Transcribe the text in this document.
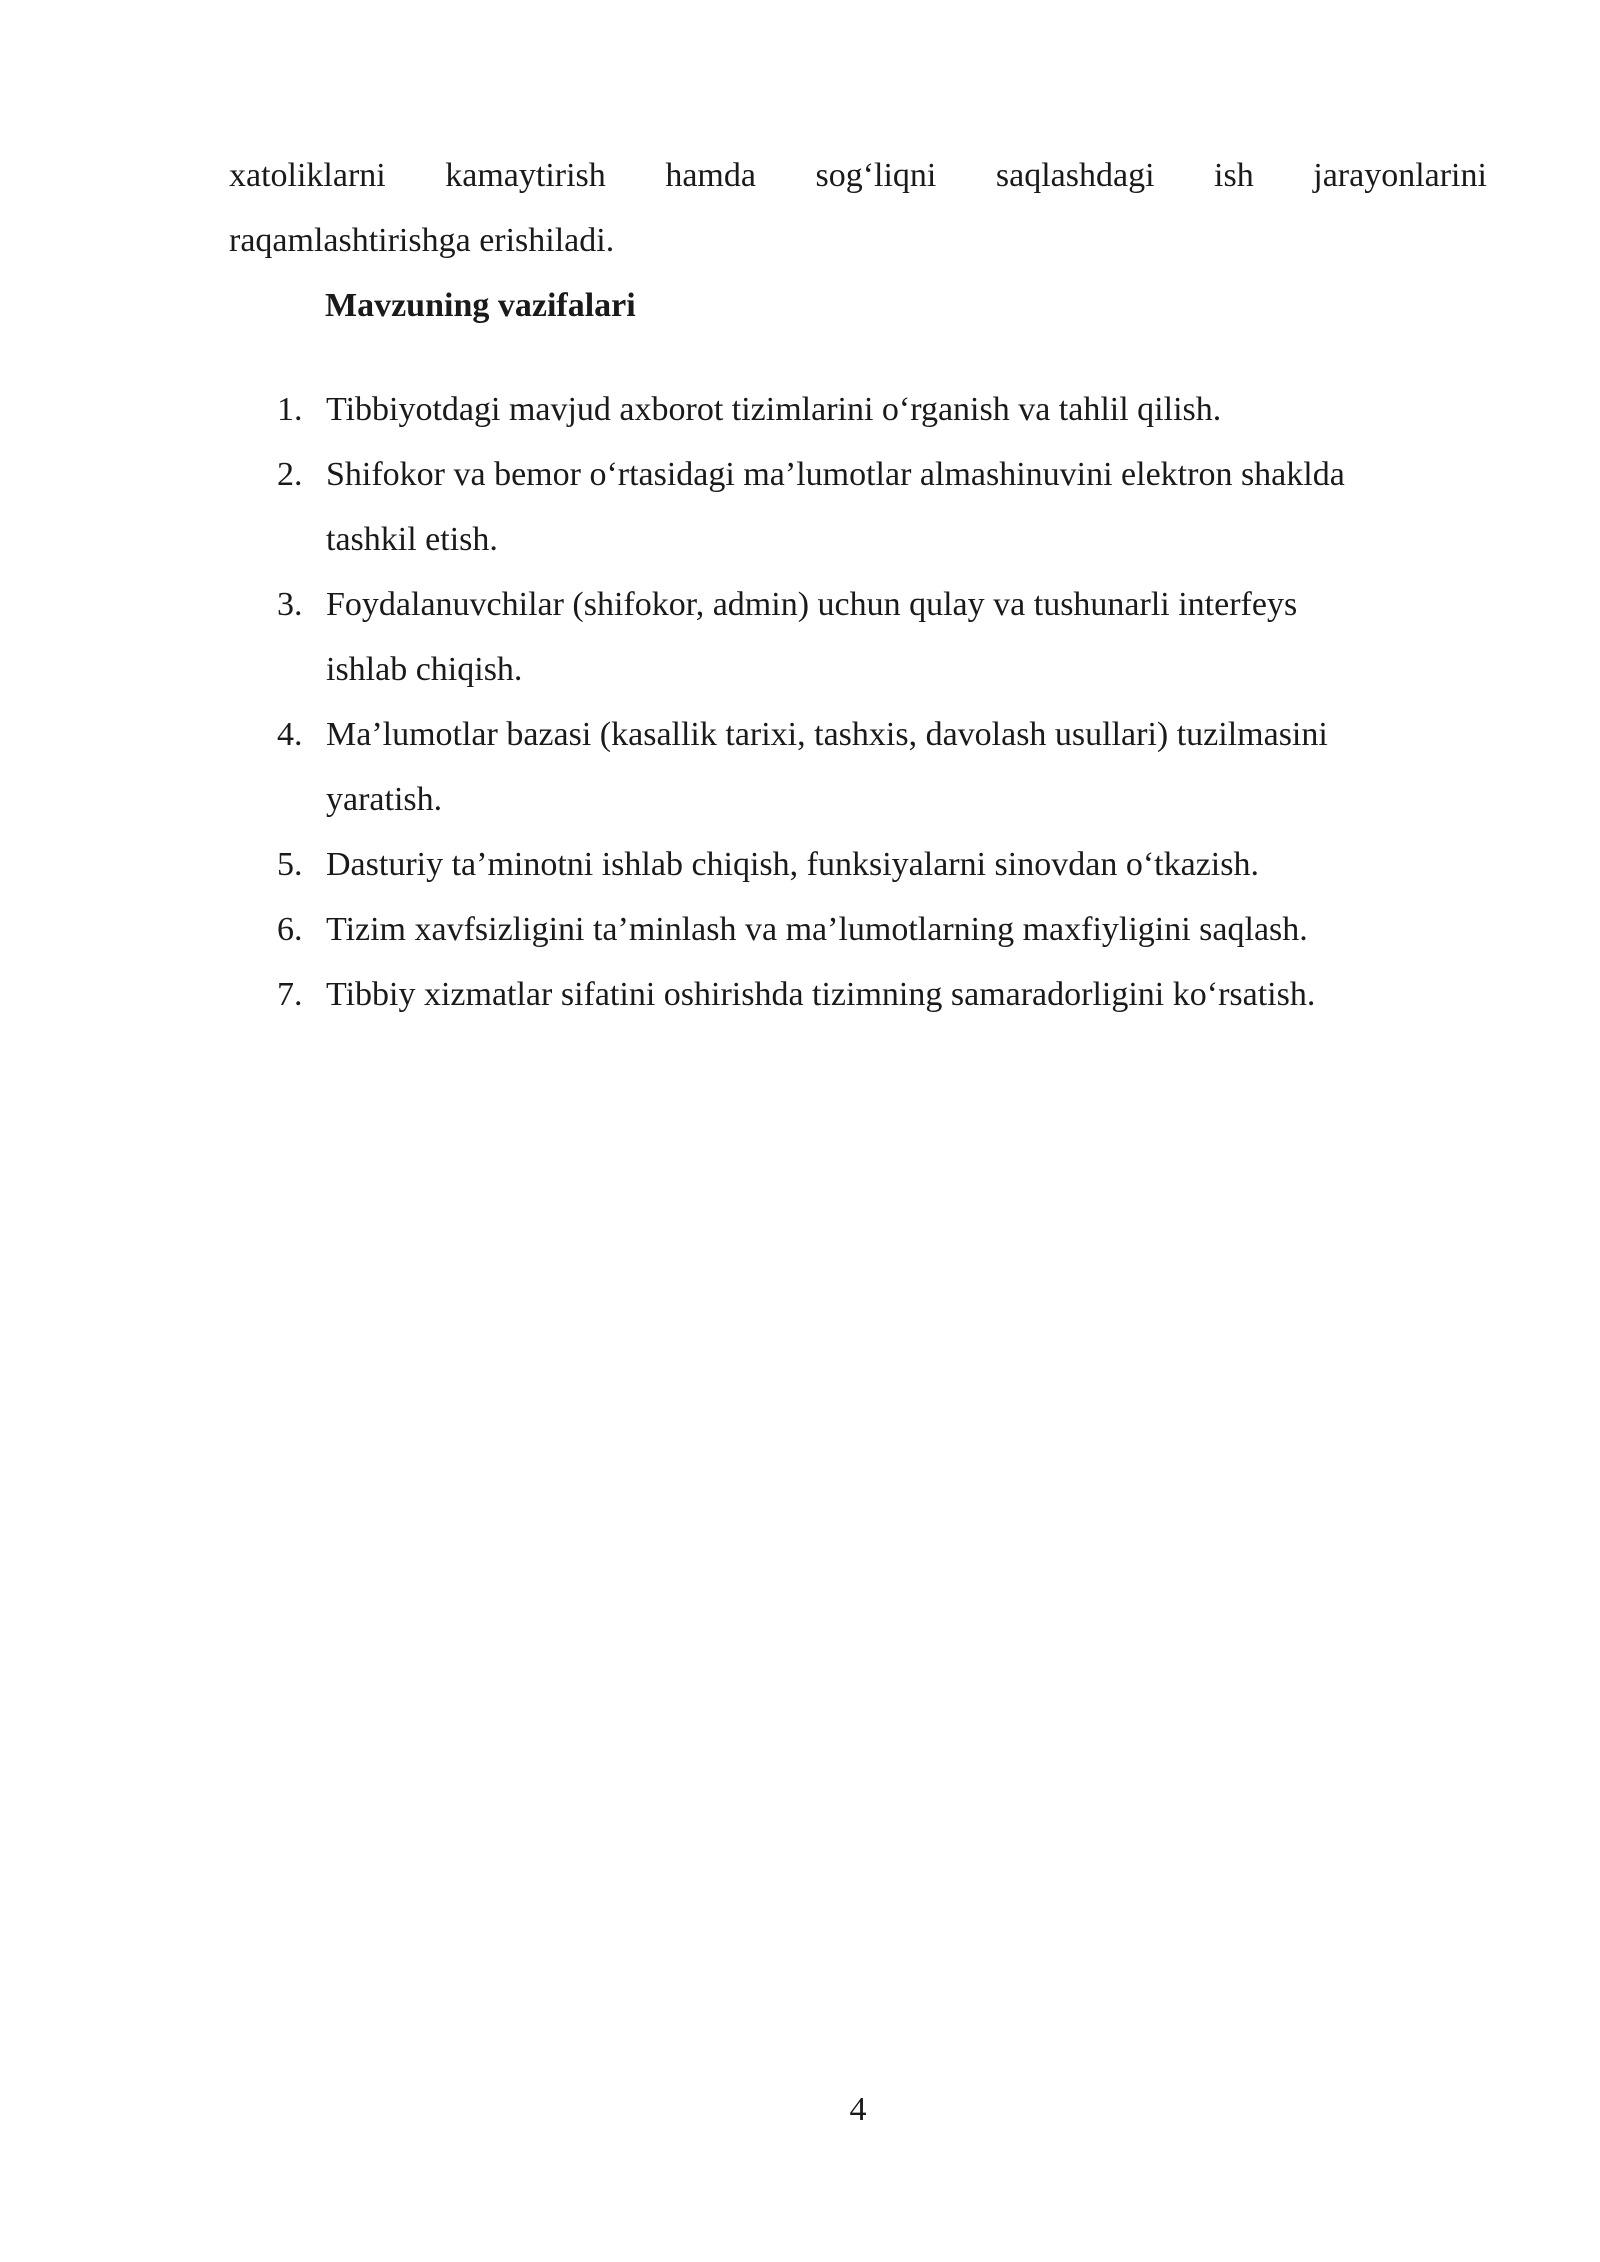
xatoliklarni kamaytirish hamda sog‘liqni saqlashdagi ish jarayonlarini
raqamlashtirishga erishiladi.
Mavzuning vazifalari
1. Tibbiyotdagi mavjud axborot tizimlarini o‘rganish va tahlil qilish.
2. Shifokor va bemor o‘rtasidagi ma’lumotlar almashinuvini elektron shaklda
tashkil etish.
3. Foydalanuvchilar (shifokor, admin) uchun qulay va tushunarli interfeys
ishlab chiqish.
4. Ma’lumotlar bazasi (kasallik tarixi, tashxis, davolash usullari) tuzilmasini
yaratish.
5. Dasturiy ta’minotni ishlab chiqish, funksiyalarni sinovdan o‘tkazish.
6. Tizim xavfsizligini ta’minlash va ma’lumotlarning maxfiyligini saqlash.
7. Tibbiy xizmatlar sifatini oshirishda tizimning samaradorligini ko‘rsatish.
4
